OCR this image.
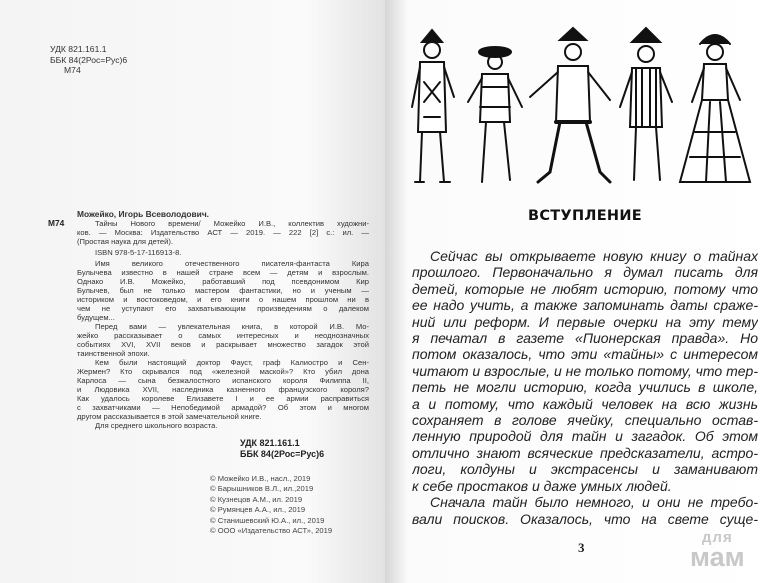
УДК 821.161.1
ББК 84(2Рос=Рус)6
М74
М74
Можейко, Игорь Всеволодович.
Тайны Нового времени/ Можейко И.В., коллектив художни-
ков. — Москва: Издательство АСТ — 2019. — 222 [2] с.: ил. —
(Простая наука для детей).
ISBN 978-5-17-116913-8.
Имя великого отечественного писателя-фантаста Кира
Булычева известно в нашей стране всем — детям и взрослым.
Однако И.В. Можейко, работавший под псевдонимом Кир
Булычев, был не только мастером фантастики, но и ученым —
историком и востоковедом, и его книги о нашем прошлом ни в
чем не уступают его захватывающим произведениям о далеком
будущем...
Перед вами — увлекательная книга, в которой И.В. Мо-
жейко рассказывает о самых интересных и неоднозначных
событиях XVI, XVII веков и раскрывает множество загадок этой
таинственной эпохи.
Кем были настоящий доктор Фауст, граф Калиостро и Сен-
Жермен? Кто скрывался под «железной маской»? Кто убил дона
Карлоса — сына безжалостного испанского короля Филиппа II,
и Людовика XVII, наследника казненного французского короля?
Как удалось королеве Елизавете I и ее армии расправиться
с захватчиками — Непобедимой армадой? Об этом и многом
другом рассказывается в этой замечательной книге.
Для среднего школьного возраста.
УДК 821.161.1
ББК 84(2Рос=Рус)6
© Можейко И.В., насл., 2019
© Барышников В.Л., ил.,2019
© Кузнецов А.М., ил. 2019
© Румянцев А.А., ил., 2019
© Станишевский Ю.А., ил., 2019
© ООО «Издательство АСТ», 2019
ВСТУПЛЕНИЕ
Сейчас вы открываете новую книгу о тайнах
прошлого. Первоначально я думал писать для
детей, которые не любят историю, потому что
ее надо учить, а также запоминать даты сраже-
ний или реформ. И первые очерки на эту тему
я печатал в газете «Пионерская правда». Но
потом оказалось, что эти «тайны» с интересом
читают и взрослые, и не только потому, что тер-
петь не могли историю, когда учились в школе,
а и потому, что каждый человек на всю жизнь
сохраняет в голове ячейку, специально остав-
ленную природой для тайн и загадок. Об этом
отлично знают всяческие предсказатели, астро-
логи, колдуны и экстрасенсы и заманивают
к себе простаков и даже умных людей.
Сначала тайн было немного, и они не требо-
вали поисков. Оказалось, что на свете суще-
3
для
мам
